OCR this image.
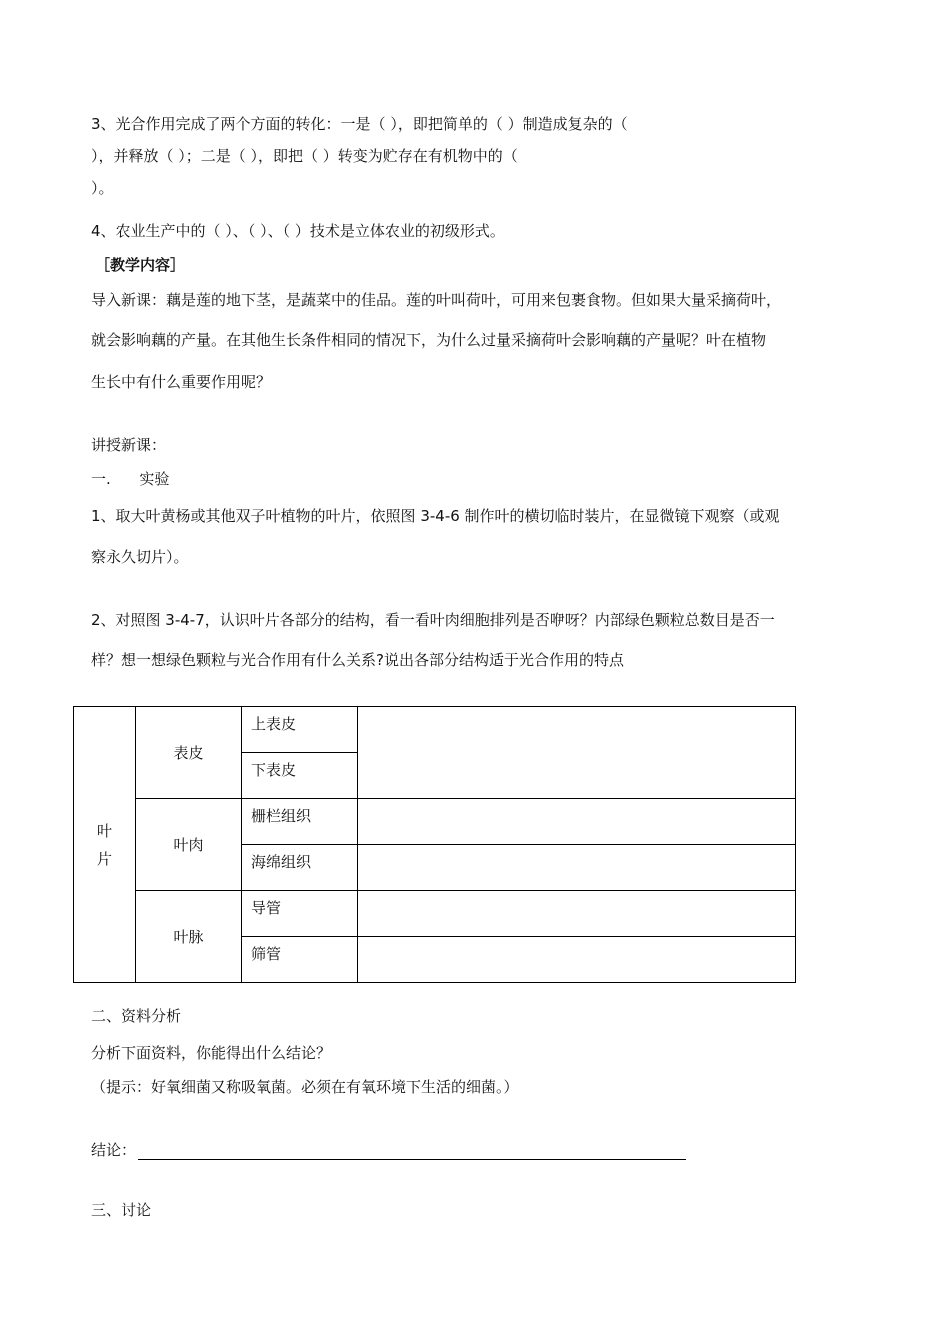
3、光合作用完成了两个方面的转化：一是（ ），即把简单的（ ）制造成复杂的（
），并释放（ ）；二是（ ），即把（ ）转变为贮存在有机物中的（
）。
4、农业生产中的（ ）、（ ）、（ ）技术是立体农业的初级形式。
［教学内容］
导入新课：藕是莲的地下茎，是蔬菜中的佳品。莲的叶叫荷叶，可用来包裹食物。但如果大量采摘荷叶，
就会影响藕的产量。在其他生长条件相同的情况下，为什么过量采摘荷叶会影响藕的产量呢？叶在植物
生长中有什么重要作用呢？
讲授新课：
一.      实验
1、取大叶黄杨或其他双子叶植物的叶片，依照图 3-4-6 制作叶的横切临时装片，在显微镜下观察（或观
察永久切片）。
2、对照图 3-4-7，认识叶片各部分的结构，看一看叶肉细胞排列是否咿呀？内部绿色颗粒总数目是否一
样？想一想绿色颗粒与光合作用有什么关系?说出各部分结构适于光合作用的特点
叶
片	表皮	上表皮	
		下表皮	
	叶肉	栅栏组织	
		海绵组织	
	叶脉	导管	
		筛管	
二、资料分析
分析下面资料，你能得出什么结论？
（提示：好氧细菌又称吸氧菌。必须在有氧环境下生活的细菌。）
结论：
三、讨论
